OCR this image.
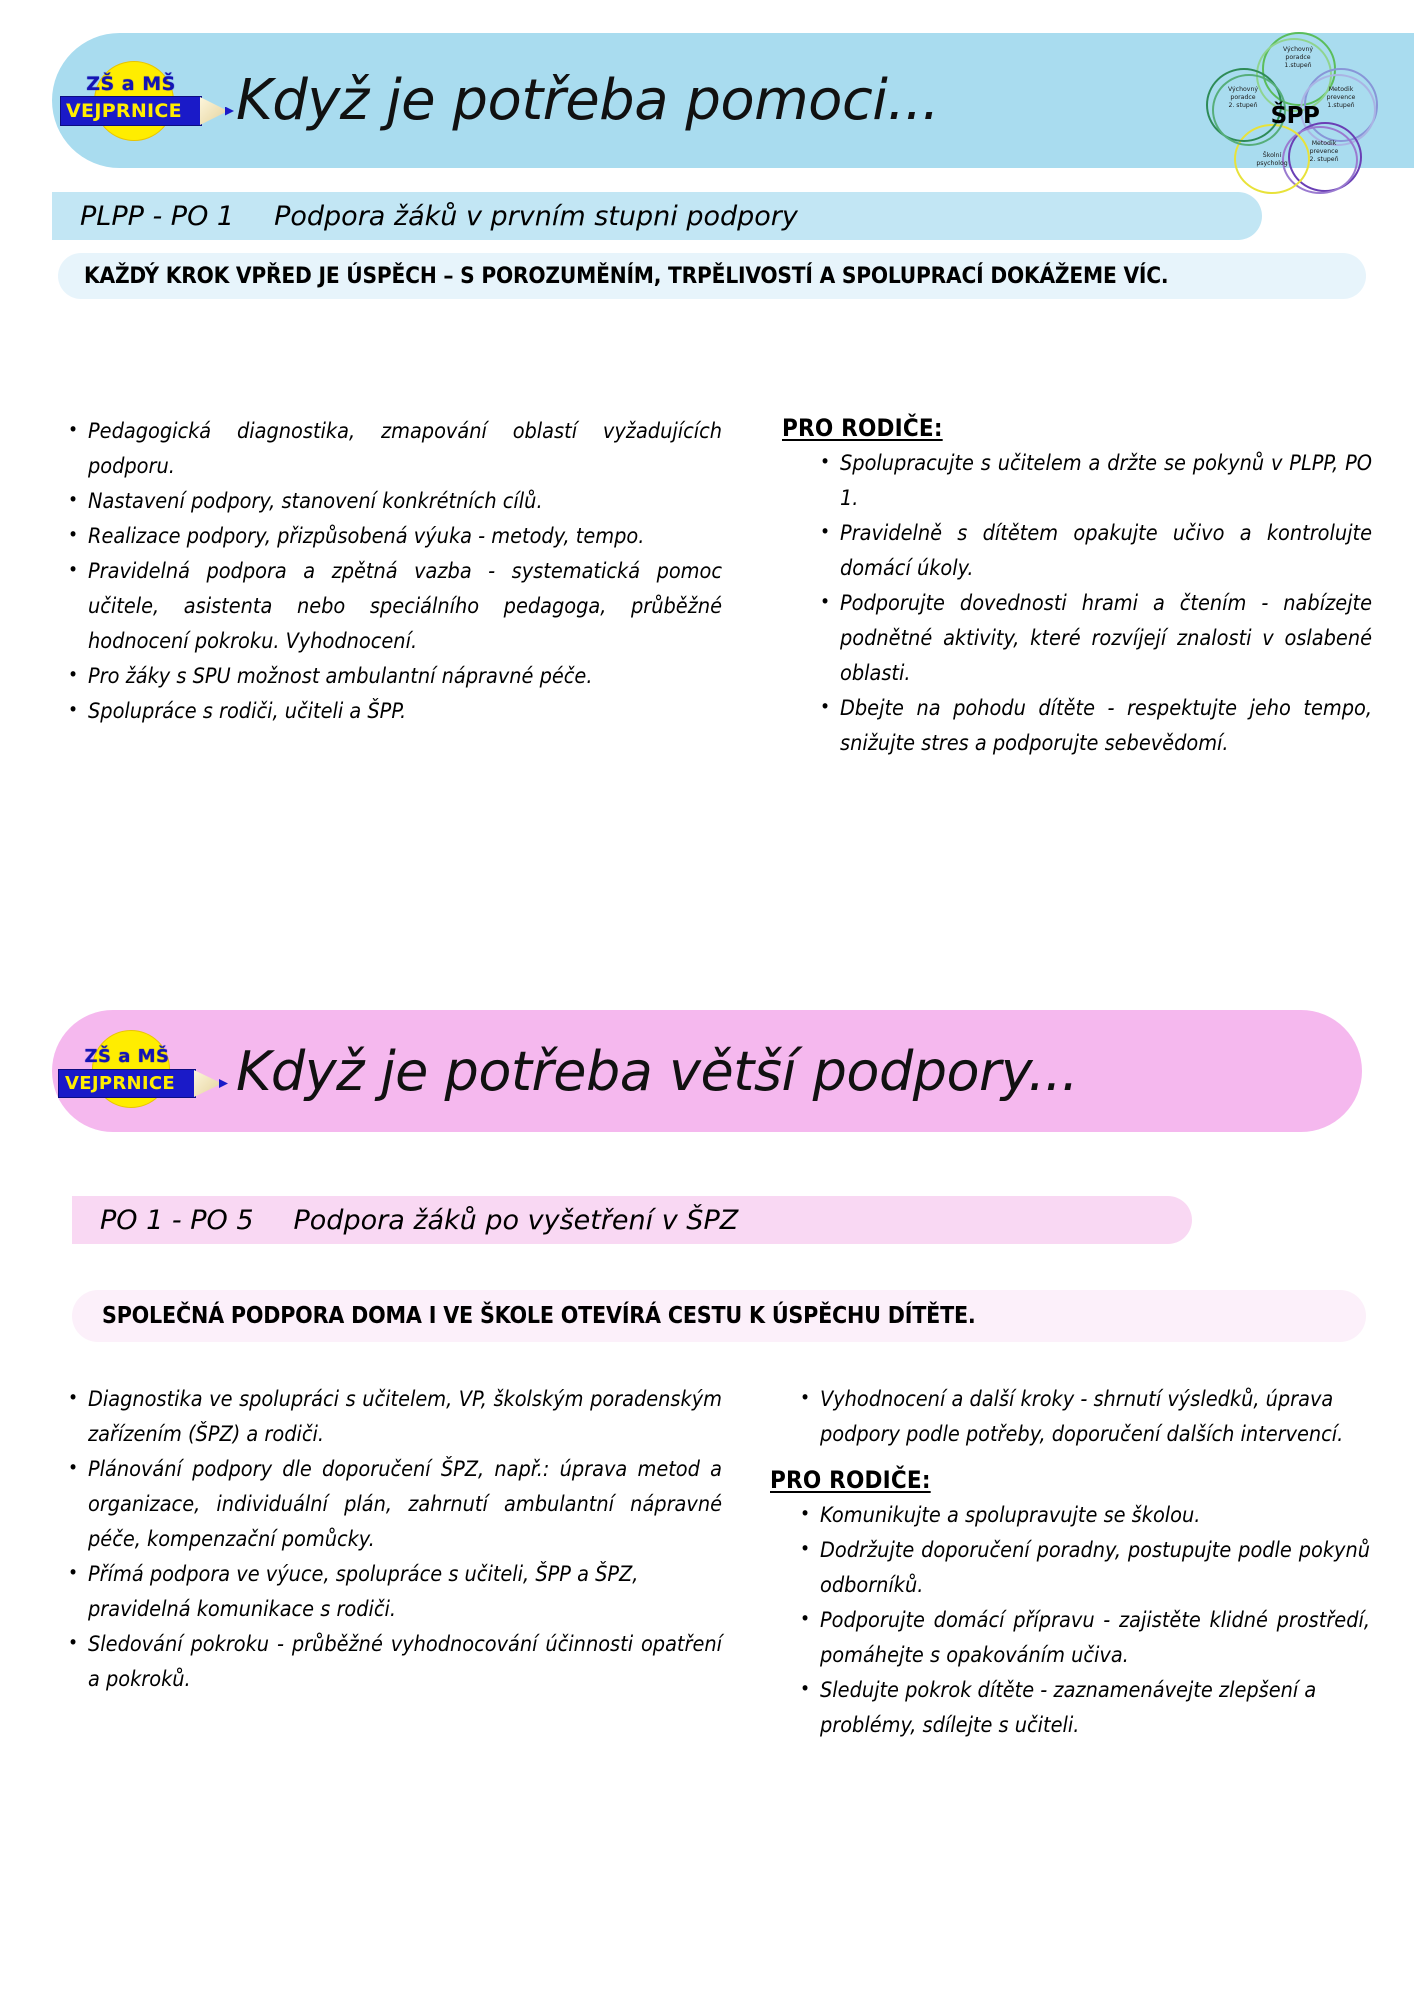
ZŠ a MŠ
VEJPRNICE Když je potřeba pomoci...
Výchovný
poradce
1.stupeň
Metodik
prevence
1.stupeň
Metodik
prevence
2. stupeň
Školní
psycholog
Výchovný
poradce
2. stupeň ŠPP
PLPP - PO 1 Podpora žáků v prvním stupni podpory
KAŽDÝ KROK VPŘED JE ÚSPĚCH – S POROZUMĚNÍM, TRPĚLIVOSTÍ A SPOLUPRACÍ DOKÁŽEME VÍC.
• Pedagogická diagnostika, zmapování oblastí vyžadujících podporu.
• Nastavení podpory, stanovení konkrétních cílů.
• Realizace podpory, přizpůsobená výuka - metody, tempo.
• Pravidelná podpora a zpětná vazba - systematická pomoc učitele, asistenta nebo speciálního pedagoga, průběžné hodnocení pokroku. Vyhodnocení.
• Pro žáky s SPU možnost ambulantní nápravné péče.
• Spolupráce s rodiči, učiteli a ŠPP.
PRO RODIČE:
• Spolupracujte s učitelem a držte se pokynů v PLPP, PO 1.
• Pravidelně s dítětem opakujte učivo a kontrolujte domácí úkoly.
• Podporujte dovednosti hrami a čtením - nabízejte podnětné aktivity, které rozvíjejí znalosti v oslabené oblasti.
• Dbejte na pohodu dítěte - respektujte jeho tempo, snižujte stres a podporujte sebevědomí.
ZŠ a MŠ
VEJPRNICE	Když je potřeba větší podpory...
PO 1 - PO 5 Podpora žáků po vyšetření v ŠPZ
SPOLEČNÁ PODPORA DOMA I VE ŠKOLE OTEVÍRÁ CESTU K ÚSPĚCHU DÍTĚTE.
• Diagnostika ve spolupráci s učitelem, VP, školským poradenským zařízením (ŠPZ) a rodiči.
• Plánování podpory dle doporučení ŠPZ, např.: úprava metod a organizace, individuální plán, zahrnutí ambulantní nápravné péče, kompenzační pomůcky.
• Přímá podpora ve výuce, spolupráce s učiteli, ŠPP a ŠPZ, pravidelná komunikace s rodiči.
• Sledování pokroku - průběžné vyhodnocování účinnosti opatření a pokroků.
• Vyhodnocení a další kroky - shrnutí výsledků, úprava podpory podle potřeby, doporučení dalších intervencí.
PRO RODIČE:
• Komunikujte a spolupravujte se školou.
• Dodržujte doporučení poradny, postupujte podle pokynů odborníků.
• Podporujte domácí přípravu - zajistěte klidné prostředí, pomáhejte s opakováním učiva.
• Sledujte pokrok dítěte - zaznamenávejte zlepšení a problémy, sdílejte s učiteli.
